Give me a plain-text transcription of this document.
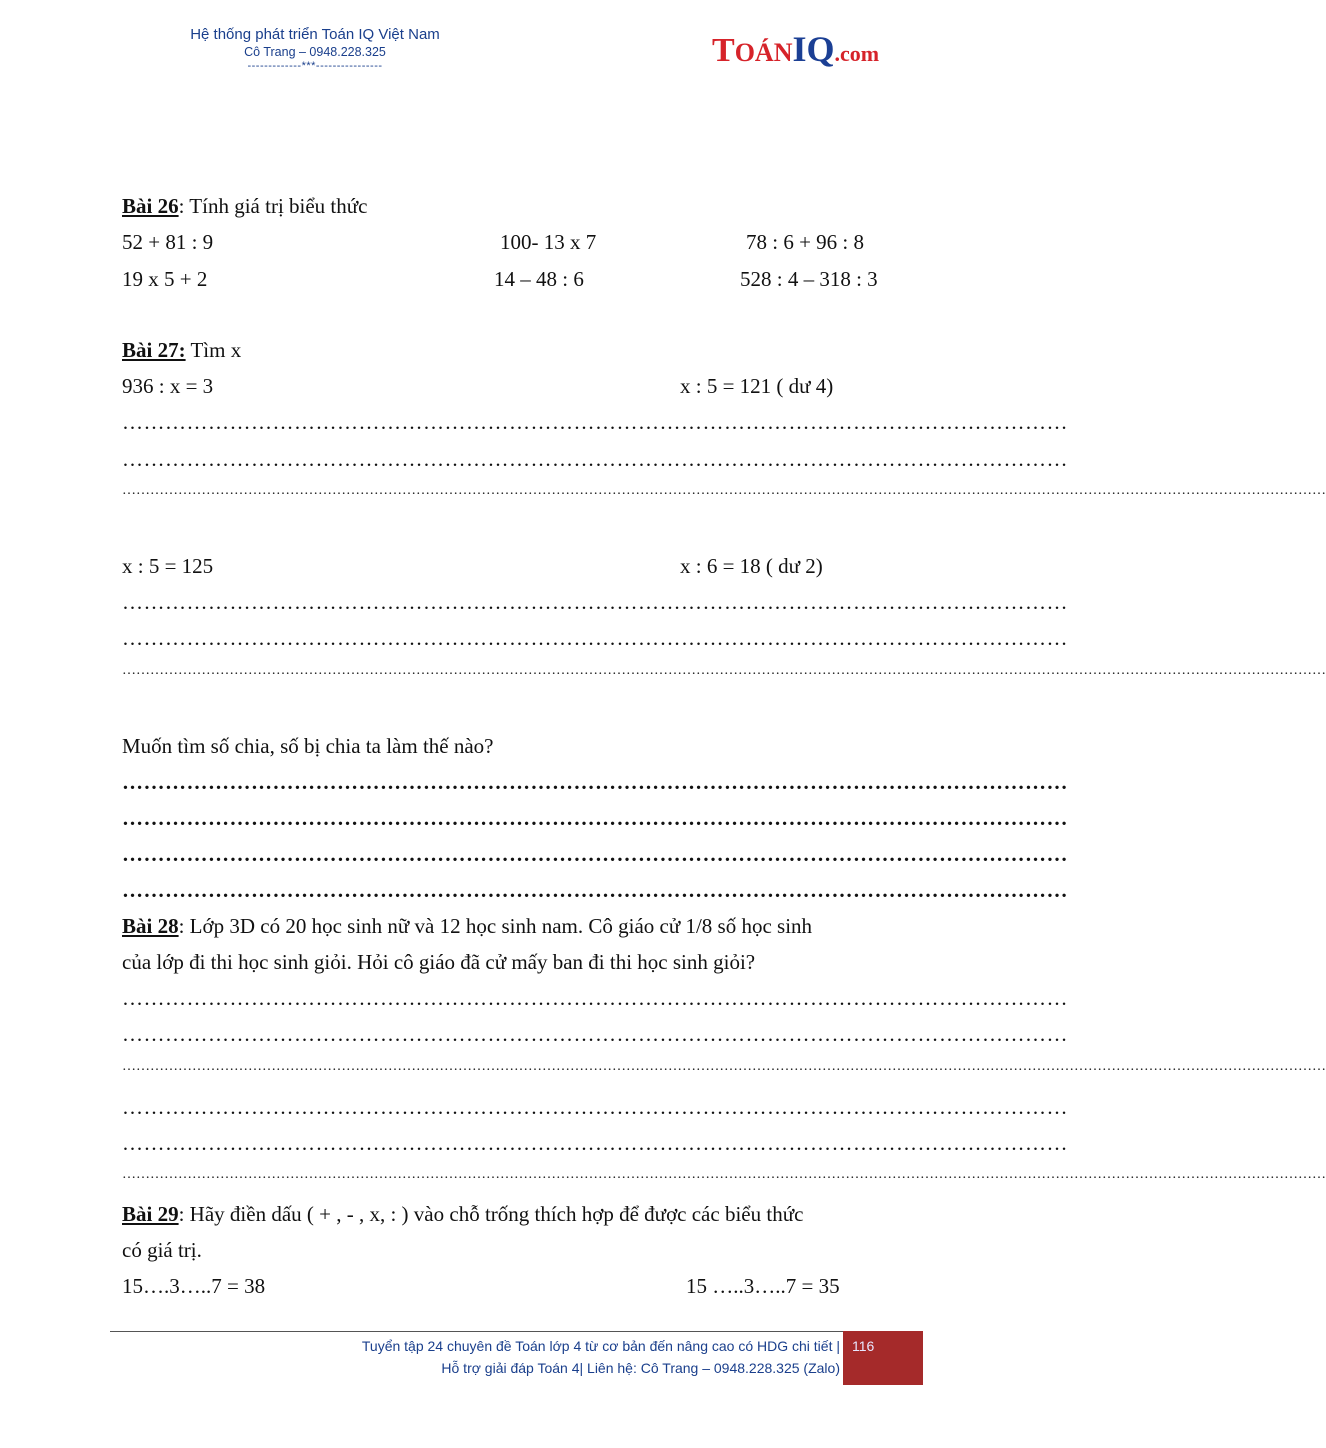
Hệ thống phát triển Toán IQ Việt Nam
Cô Trang – 0948.228.325
-------------***----------------	TOÁNIQ.com
Bài 26: Tính giá trị biểu thức
52 + 81 : 9	100- 13 x 7	78 : 6 + 96 : 8
19 x 5 + 2	14 – 48 : 6	528 : 4 – 318 : 3
Bài 27: Tìm x
936 : x = 3	x : 5 = 121 ( dư 4)
……………………………………………………………………………………………………………………
……………………………………………………………………………………………………………………
……………………………………………………………………………………………………………………………………………………………………………………………………………………………………
x : 5 = 125	x : 6 = 18 ( dư 2)
……………………………………………………………………………………………………………………
……………………………………………………………………………………………………………………
……………………………………………………………………………………………………………………………………………………………………………………………………………………………………
Muốn tìm số chia, số bị chia ta làm thế nào?
……………………………………………………………………………………………………………………
……………………………………………………………………………………………………………………
……………………………………………………………………………………………………………………
……………………………………………………………………………………………………………………
Bài 28: Lớp 3D có 20 học sinh nữ và 12 học sinh nam. Cô giáo cử 1/8 số học sinh
của lớp đi thi học sinh giỏi. Hỏi cô giáo đã cử mấy ban đi thi học sinh giỏi?
……………………………………………………………………………………………………………………
……………………………………………………………………………………………………………………
……………………………………………………………………………………………………………………………………………………………………………………………………………………………………
……………………………………………………………………………………………………………………
……………………………………………………………………………………………………………………
……………………………………………………………………………………………………………………………………………………………………………………………………………………………………
Bài 29: Hãy điền dấu ( + , - , x, : ) vào chỗ trống thích hợp để được các biểu thức
có giá trị.
15….3…..7 = 38	15 …..3…..7 = 35
116
Tuyển tập 24 chuyên đề Toán lớp 4 từ cơ bản đến nâng cao có HDG chi tiết |
Hỗ trợ giải đáp Toán 4| Liên hệ: Cô Trang – 0948.228.325 (Zalo)
